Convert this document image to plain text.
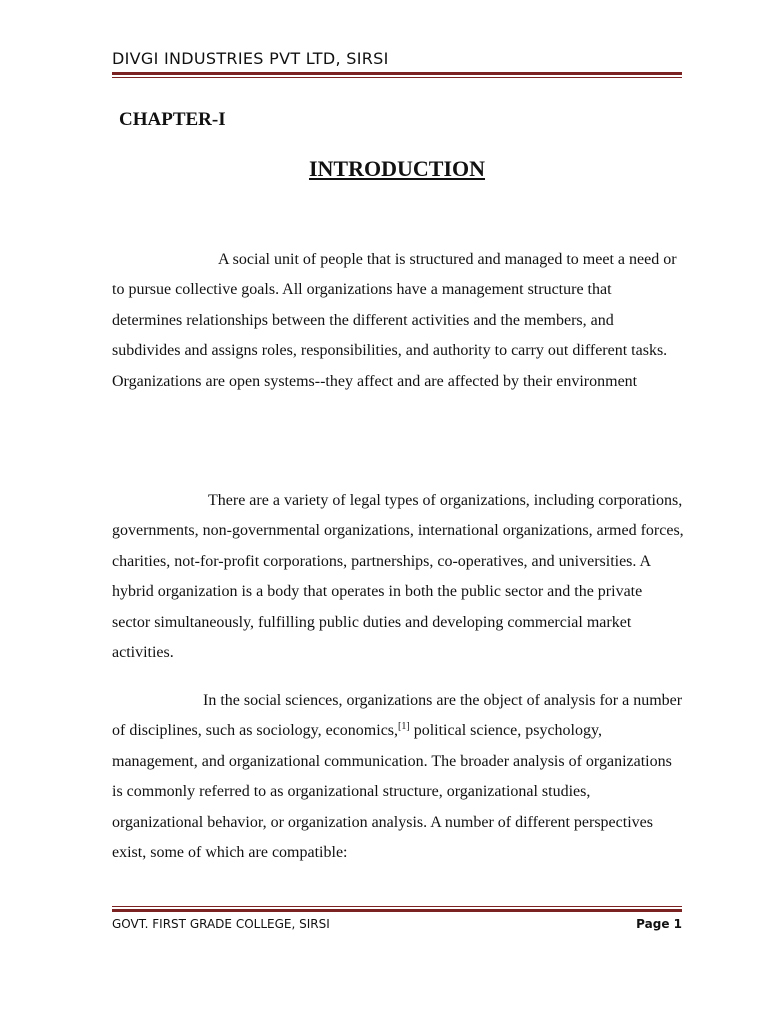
DIVGI INDUSTRIES PVT LTD, SIRSI
CHAPTER-I
INTRODUCTION

A social unit of people that is structured and managed to meet a need or to pursue collective goals. All organizations have a management structure that determines relationships between the different activities and the members, and subdivides and assigns roles, responsibilities, and authority to carry out different tasks. Organizations are open systems--they affect and are affected by their environment

There are a variety of legal types of organizations, including corporations, governments, non-governmental organizations, international organizations, armed forces, charities, not-for-profit corporations, partnerships, co-operatives, and universities. A hybrid organization is a body that operates in both the public sector and the private sector simultaneously, fulfilling public duties and developing commercial market activities.

In the social sciences, organizations are the object of analysis for a number of disciplines, such as sociology, economics,[1] political science, psychology, management, and organizational communication. The broader analysis of organizations is commonly referred to as organizational structure, organizational studies, organizational behavior, or organization analysis. A number of different perspectives exist, some of which are compatible:

GOVT. FIRST GRADE COLLEGE, SIRSI	Page 1
